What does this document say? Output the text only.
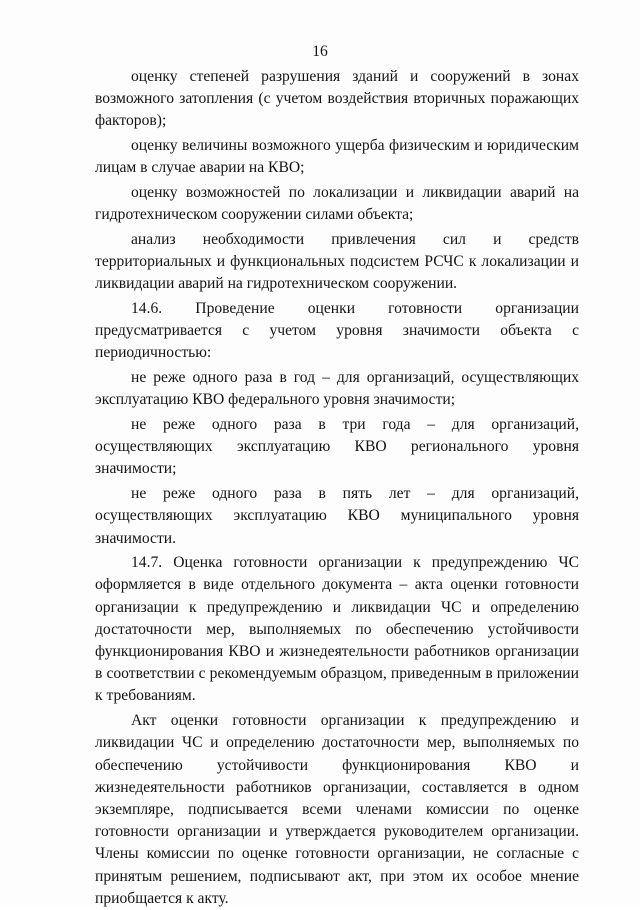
16

оценку степеней разрушения зданий и сооружений в зонах возможного затопления (с учетом воздействия вторичных поражающих факторов);

оценку величины возможного ущерба физическим и юридическим лицам в случае аварии на КВО;

оценку возможностей по локализации и ликвидации аварий на гидротехническом сооружении силами объекта;

анализ необходимости привлечения сил и средств территориальных и функциональных подсистем РСЧС к локализации и ликвидации аварий на гидротехническом сооружении.

14.6. Проведение оценки готовности организации предусматривается с учетом уровня значимости объекта с периодичностью:

не реже одного раза в год – для организаций, осуществляющих эксплуатацию КВО федерального уровня значимости;

не реже одного раза в три года – для организаций, осуществляющих эксплуатацию КВО регионального уровня значимости;

не реже одного раза в пять лет – для организаций, осуществляющих эксплуатацию КВО муниципального уровня значимости.

14.7. Оценка готовности организации к предупреждению ЧС оформляется в виде отдельного документа – акта оценки готовности организации к предупреждению и ликвидации ЧС и определению достаточности мер, выполняемых по обеспечению устойчивости функционирования КВО и жизнедеятельности работников организации в соответствии с рекомендуемым образцом, приведенным в приложении к требованиям.

Акт оценки готовности организации к предупреждению и ликвидации ЧС и определению достаточности мер, выполняемых по обеспечению устойчивости функционирования КВО и жизнедеятельности работников организации, составляется в одном экземпляре, подписывается всеми членами комиссии по оценке готовности организации и утверждается руководителем организации. Члены комиссии по оценке готовности организации, не согласные с принятым решением, подписывают акт, при этом их особое мнение приобщается к акту.
